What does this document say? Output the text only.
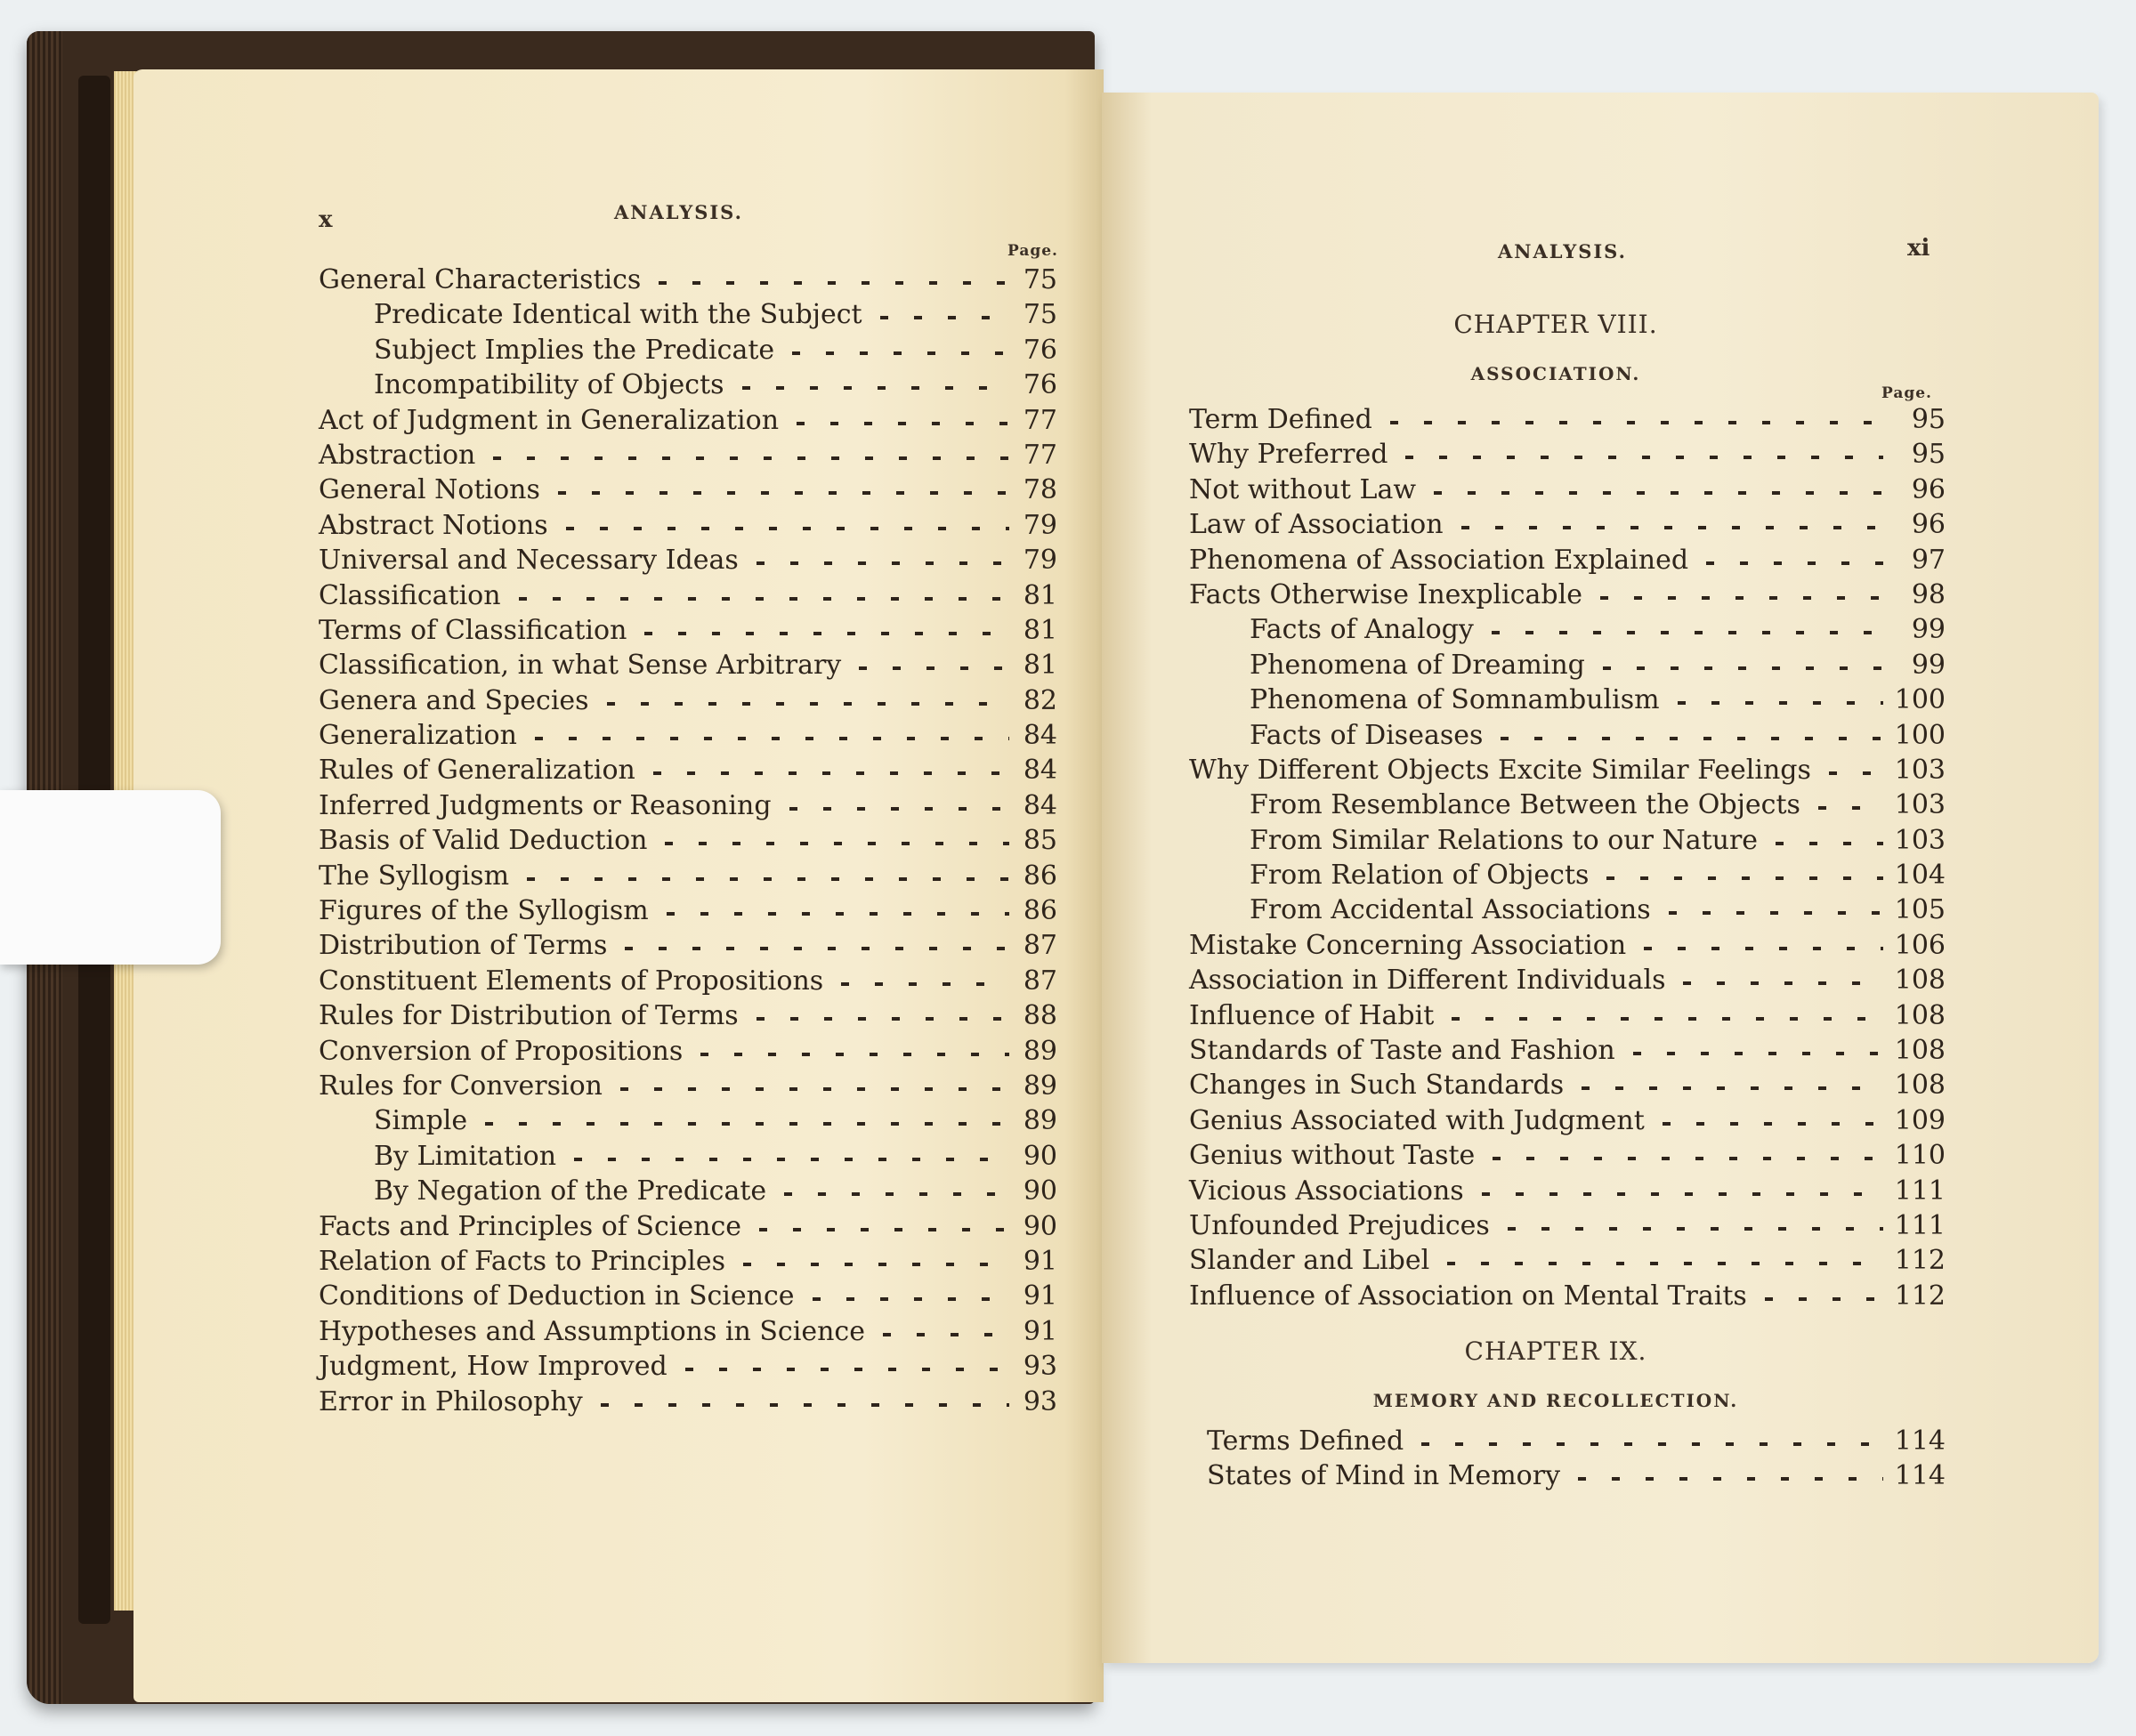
x	ANALYSIS.
Page.
General Characteristics	75
Predicate Identical with the Subject	75
Subject Implies the Predicate	76
Incompatibility of Objects	76
Act of Judgment in Generalization	77
Abstraction	77
General Notions	78
Abstract Notions	79
Universal and Necessary Ideas	79
Classification	81
Terms of Classification	81
Classification, in what Sense Arbitrary	81
Genera and Species	82
Generalization	84
Rules of Generalization	84
Inferred Judgments or Reasoning	84
Basis of Valid Deduction	85
The Syllogism	86
Figures of the Syllogism	86
Distribution of Terms	87
Constituent Elements of Propositions	87
Rules for Distribution of Terms	88
Conversion of Propositions	89
Rules for Conversion	89
Simple	89
By Limitation	90
By Negation of the Predicate	90
Facts and Principles of Science	90
Relation of Facts to Principles	91
Conditions of Deduction in Science	91
Hypotheses and Assumptions in Science	91
Judgment, How Improved	93
Error in Philosophy	93
ANALYSIS.	xi
CHAPTER VIII.
ASSOCIATION.
Page.
Term Defined	95
Why Preferred	95
Not without Law	96
Law of Association	96
Phenomena of Association Explained	97
Facts Otherwise Inexplicable	98
Facts of Analogy	99
Phenomena of Dreaming	99
Phenomena of Somnambulism	100
Facts of Diseases	100
Why Different Objects Excite Similar Feelings	103
From Resemblance Between the Objects	103
From Similar Relations to our Nature	103
From Relation of Objects	104
From Accidental Associations	105
Mistake Concerning Association	106
Association in Different Individuals	108
Influence of Habit	108
Standards of Taste and Fashion	108
Changes in Such Standards	108
Genius Associated with Judgment	109
Genius without Taste	110
Vicious Associations	111
Unfounded Prejudices	111
Slander and Libel	112
Influence of Association on Mental Traits	112
CHAPTER IX.
MEMORY AND RECOLLECTION.
Terms Defined	114
States of Mind in Memory	114
